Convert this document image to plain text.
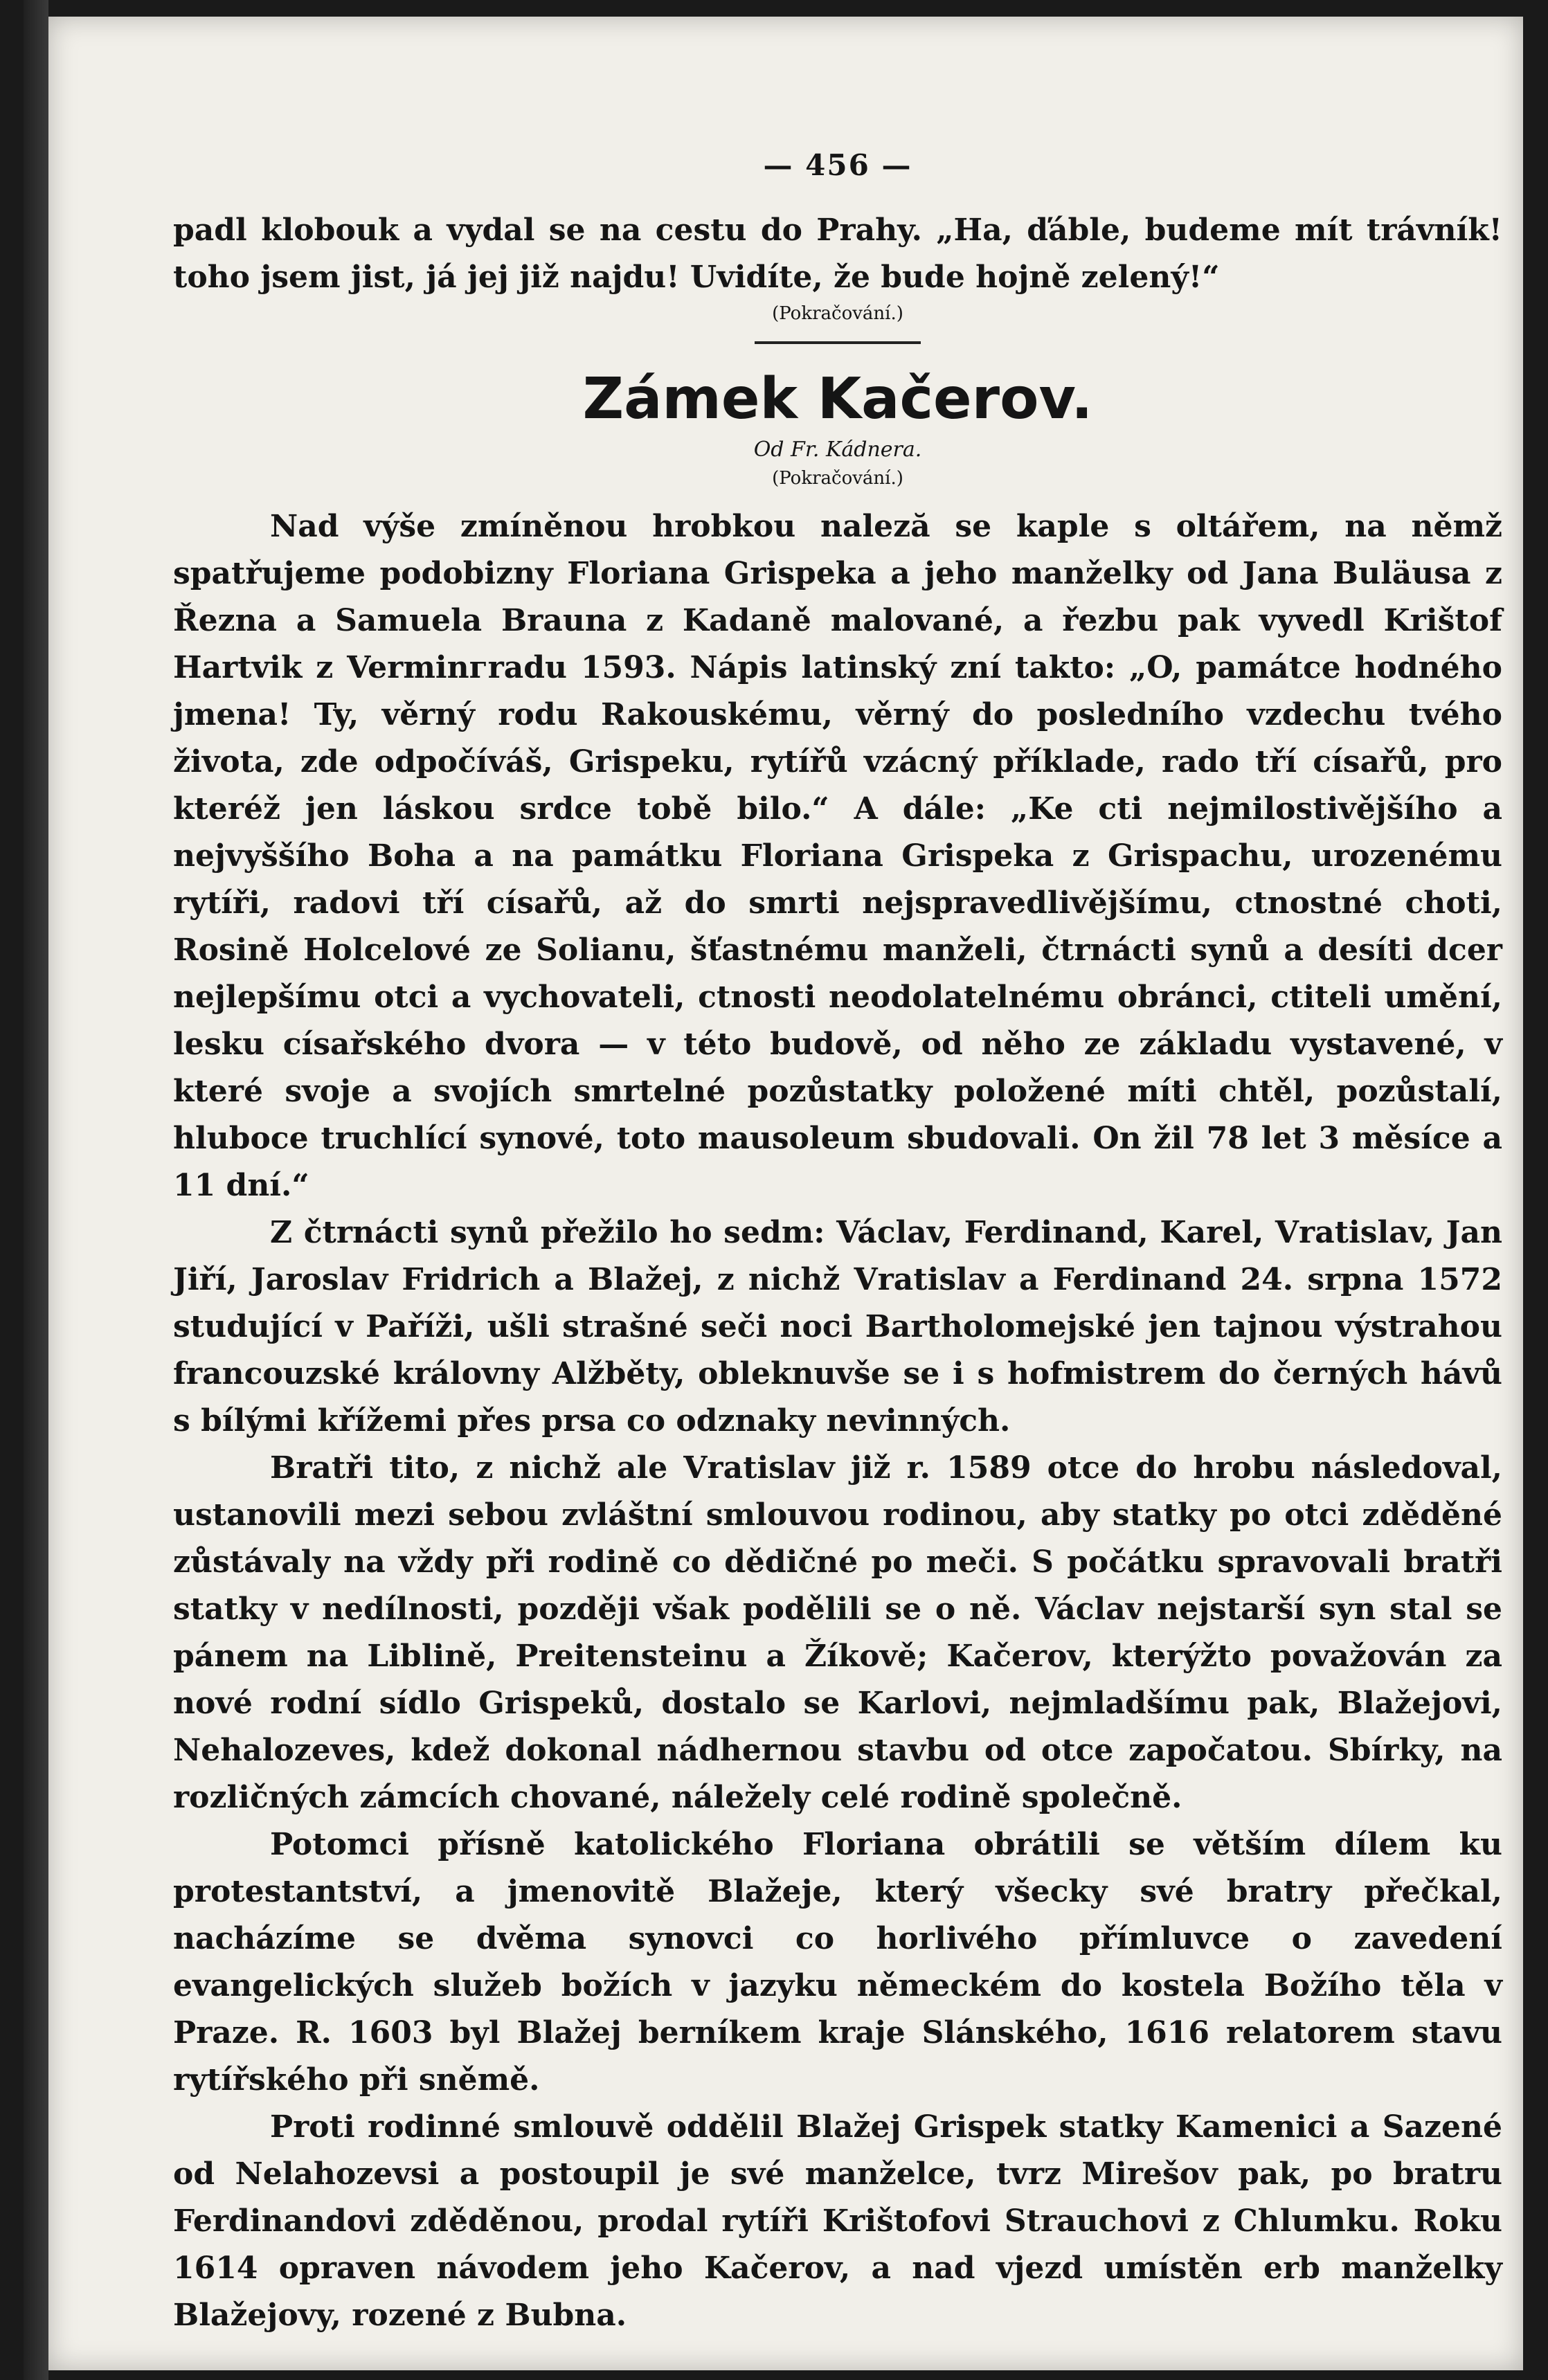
— 456 —

padl klobouk a vydal se na cestu do Prahy. „Ha, ďáble, budeme mít trávník! toho jsem jist, já jej již najdu! Uvidíte, že bude hojně zelený!“

(Pokračování.)

Zámek Kačerov.
Od Fr. Kádnera.

(Pokračování.)

Nad výše zmíněnou hrobkou naleză se kaple s oltářem, na němž spatřujeme podobizny Floriana Grispeka a jeho manželky od Jana Buläusa z Řezna a Samuela Brauna z Kadaně malované, a řezbu pak vyvedl Krištof Hartvik z Verminгradu 1593. Nápis latinský zní takto: „O, památce hodného jmena! Ty, věrný rodu Rakouskému, věrný do posledního vzdechu tvého života, zde odpočíváš, Grispeku, rytířů vzácný příklade, rado tří císařů, pro kteréž jen láskou srdce tobě bilo.“ A dále: „Ke cti nejmilostivějšího a nejvyššího Boha a na památku Floriana Grispeka z Grispachu, urozenému rytíři, radovi tří císařů, až do smrti nejspravedlivějšímu, ctnostné choti, Rosině Holcelové ze Solianu, šťastnému manželi, čtrnácti synů a desíti dcer nejlepšímu otci a vychovateli, ctnosti neodolatelnému obránci, ctiteli umění, lesku císařského dvora — v této budově, od něho ze základu vystavené, v které svoje a svojích smrtelné pozůstatky položené míti chtěl, pozůstalí, hluboce truchlící synové, toto mausoleum sbudovali. On žil 78 let 3 měsíce a 11 dní.“

Z čtrnácti synů přežilo ho sedm: Václav, Ferdinand, Karel, Vratislav, Jan Jiří, Jaroslav Fridrich a Blažej, z nichž Vratislav a Ferdinand 24. srpna 1572 studující v Paříži, ušli strašné seči noci Bartholomejské jen tajnou výstrahou francouzské královny Alžběty, obleknuvše se i s hofmistrem do černých hávů s bílými křížemi přes prsa co odznaky nevinných.

Bratři tito, z nichž ale Vratislav již r. 1589 otce do hrobu následoval, ustanovili mezi sebou zvláštní smlouvou rodinou, aby statky po otci zděděné zůstávaly na vždy při rodině co dědičné po meči. S počátku spravovali bratři statky v nedílnosti, později však podělili se o ně. Václav nejstarší syn stal se pánem na Liblině, Preitensteinu a Žíkově; Kačerov, kterýžto považován za nové rodní sídlo Grispeků, dostalo se Karlovi, nejmladšímu pak, Blažejovi, Nehalozeves, kdež dokonal nádhernou stavbu od otce započatou. Sbírky, na rozličných zámcích chované, náležely celé rodině společně.

Potomci přísně katolického Floriana obrátili se větším dílem ku protestantství, a jmenovitě Blažeje, který všecky své bratry přečkal, nacházíme se dvěma synovci co horlivého přímluvce o zavedení evangelických služeb božích v jazyku německém do kostela Božího těla v Praze. R. 1603 byl Blažej berníkem kraje Slánského, 1616 relatorem stavu rytířského při sněmě.

Proti rodinné smlouvě oddělil Blažej Grispek statky Kamenici a Sazené od Nelahozevsi a postoupil je své manželce, tvrz Mirešov pak, po bratru Ferdinandovi zděděnou, prodal rytíři Krištofovi Strauchovi z Chlumku. Roku 1614 opraven návodem jeho Kačerov, a nad vjezd umístěn erb manželky Blažejovy, rozené z Bubna.
